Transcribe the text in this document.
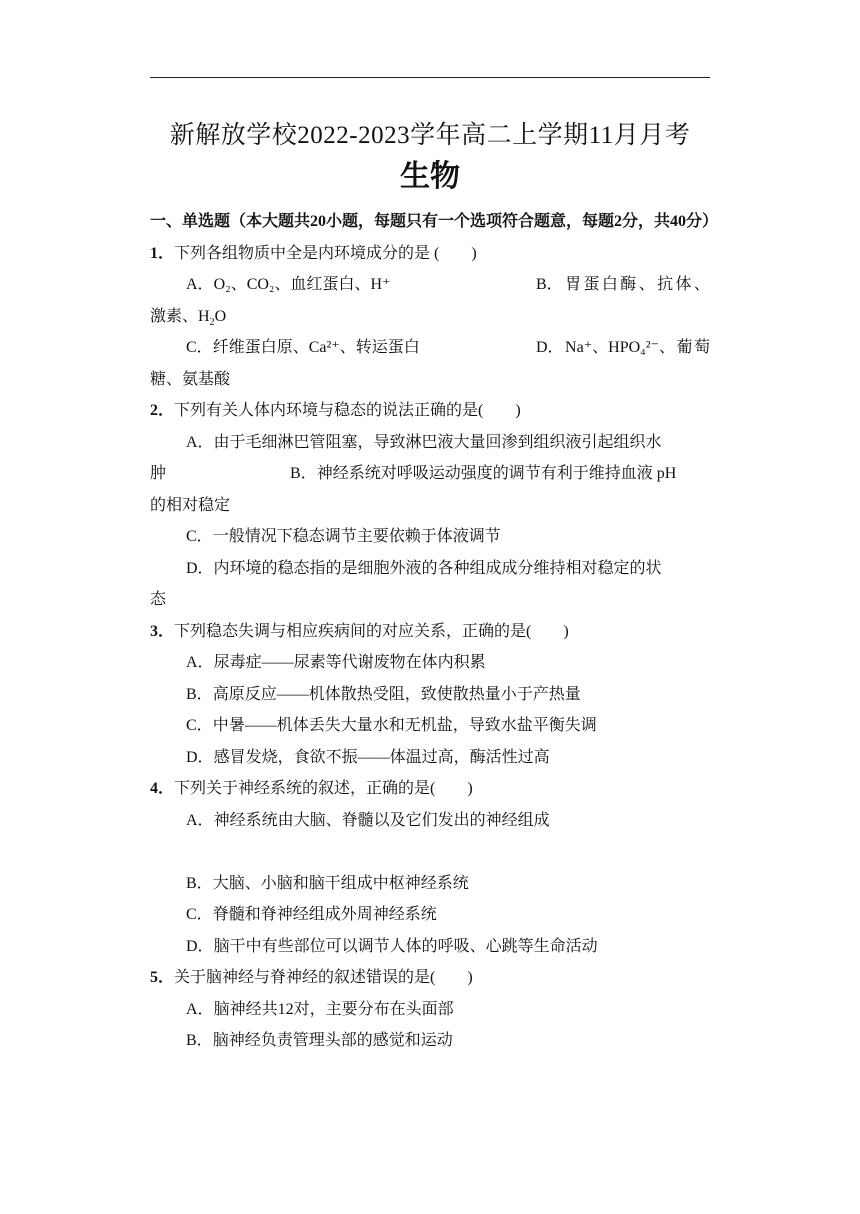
新解放学校2022-2023学年高二上学期11月月考
生物
一、单选题（本大题共20小题，每题只有一个选项符合题意，每题2分，共40分）
1．下列各组物质中全是内环境成分的是 (　　)
A．O₂、CO₂、血红蛋白、H⁺	B． 胃 蛋 白 酶 、 抗 体 、
激素、$H_2O$
C．纤维蛋白原、Ca²⁺、转运蛋白	D． Na⁺、HPO₄²⁻、 葡 萄
糖、氨基酸
2．下列有关人体内环境与稳态的说法正确的是(　　)
A．由于毛细淋巴管阻塞，导致淋巴液大量回渗到组织液引起组织水
肿	B．神经系统对呼吸运动强度的调节有利于维持血液 pH
的相对稳定
C．一般情况下稳态调节主要依赖于体液调节
D．内环境的稳态指的是细胞外液的各种组成成分维持相对稳定的状
态
3．下列稳态失调与相应疾病间的对应关系，正确的是(　　)
A．尿毒症——尿素等代谢废物在体内积累
B．高原反应——机体散热受阻，致使散热量小于产热量
C．中暑——机体丢失大量水和无机盐，导致水盐平衡失调
D．感冒发烧，食欲不振——体温过高，酶活性过高
4．下列关于神经系统的叙述，正确的是(　　)
A．神经系统由大脑、脊髓以及它们发出的神经组成
B．大脑、小脑和脑干组成中枢神经系统
C．脊髓和脊神经组成外周神经系统
D．脑干中有些部位可以调节人体的呼吸、心跳等生命活动
5．关于脑神经与脊神经的叙述错误的是(　　)
A．脑神经共12对，主要分布在头面部
B．脑神经负责管理头部的感觉和运动
